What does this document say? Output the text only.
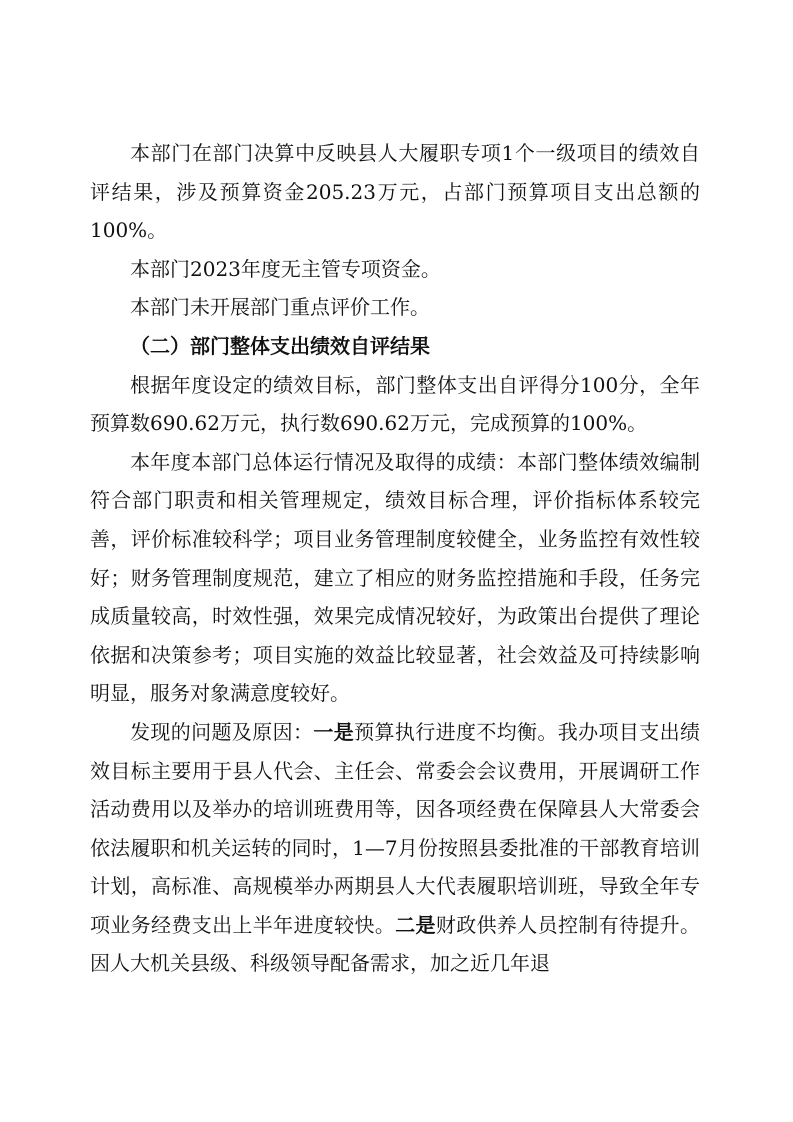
本部门在部门决算中反映县人大履职专项1个一级项目的绩效自评结果，涉及预算资金205.23万元，占部门预算项目支出总额的100%。

本部门2023年度无主管专项资金。

本部门未开展部门重点评价工作。

（二）部门整体支出绩效自评结果

根据年度设定的绩效目标，部门整体支出自评得分100分，全年预算数690.62万元，执行数690.62万元，完成预算的100%。

本年度本部门总体运行情况及取得的成绩：本部门整体绩效编制符合部门职责和相关管理规定，绩效目标合理，评价指标体系较完善，评价标准较科学；项目业务管理制度较健全，业务监控有效性较好；财务管理制度规范，建立了相应的财务监控措施和手段，任务完成质量较高，时效性强，效果完成情况较好，为政策出台提供了理论依据和决策参考；项目实施的效益比较显著，社会效益及可持续影响明显，服务对象满意度较好。

发现的问题及原因：一是预算执行进度不均衡。我办项目支出绩效目标主要用于县人代会、主任会、常委会会议费用，开展调研工作活动费用以及举办的培训班费用等，因各项经费在保障县人大常委会依法履职和机关运转的同时，1—7月份按照县委批准的干部教育培训计划，高标准、高规模举办两期县人大代表履职培训班，导致全年专项业务经费支出上半年进度较快。二是财政供养人员控制有待提升。因人大机关县级、科级领导配备需求，加之近几年退
